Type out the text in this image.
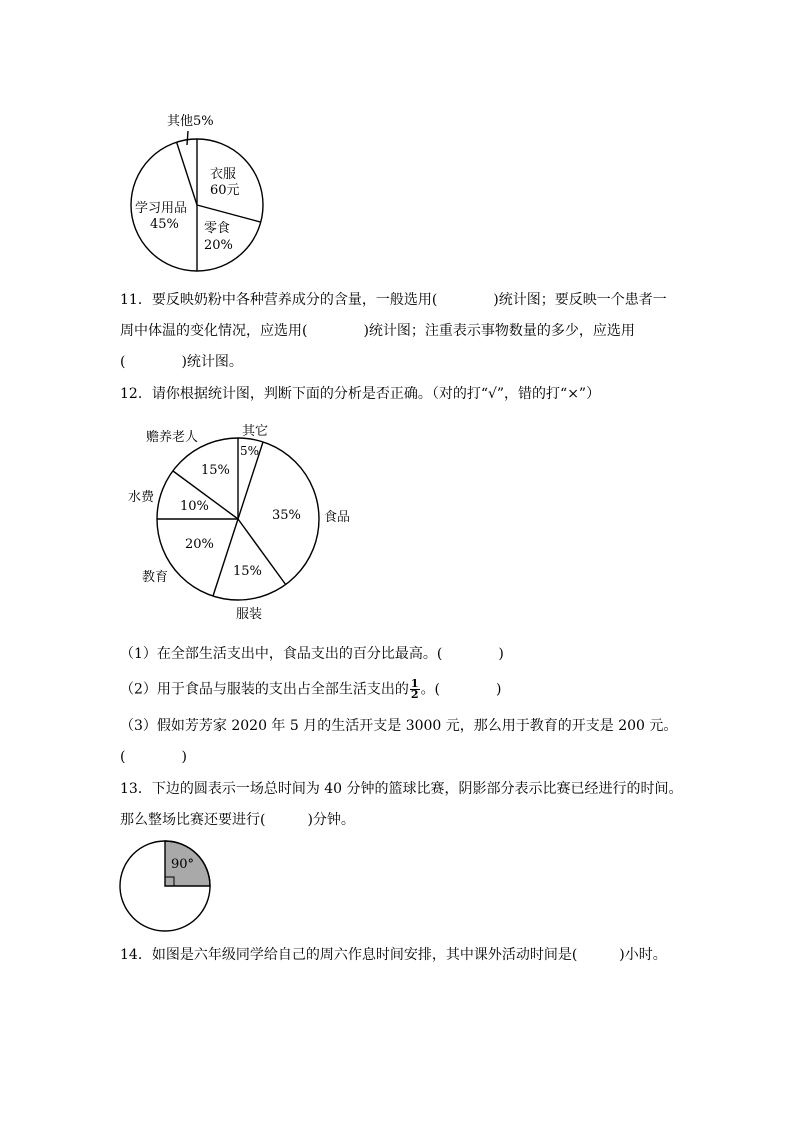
其他5%
衣服
60元
零食
20%
学习用品
45%
11．要反映奶粉中各种营养成分的含量，一般选用(　　　　)统计图；要反映一个患者一
周中体温的变化情况，应选用(　　　　)统计图；注重表示事物数量的多少，应选用
(　　　　)统计图。
12．请你根据统计图，判断下面的分析是否正确。（对的打“√”，错的打“×”）
赡养老人	其它
水费
食品
教育
服装
15%
5%
10%
35%
20%
15%
（1）在全部生活支出中，食品支出的百分比最高。(　　　　)
（2）用于食品与服装的支出占全部生活支出的 $\frac{1}{2}$ 。(　　　　)
（3）假如芳芳家 2020 年 5 月的生活开支是 3000 元，那么用于教育的开支是 200 元。
(　　　　)
13．下边的圆表示一场总时间为 40 分钟的篮球比赛，阴影部分表示比赛已经进行的时间。
那么整场比赛还要进行(　　　)分钟。
90°
14．如图是六年级同学给自己的周六作息时间安排，其中课外活动时间是(　　　)小时。
